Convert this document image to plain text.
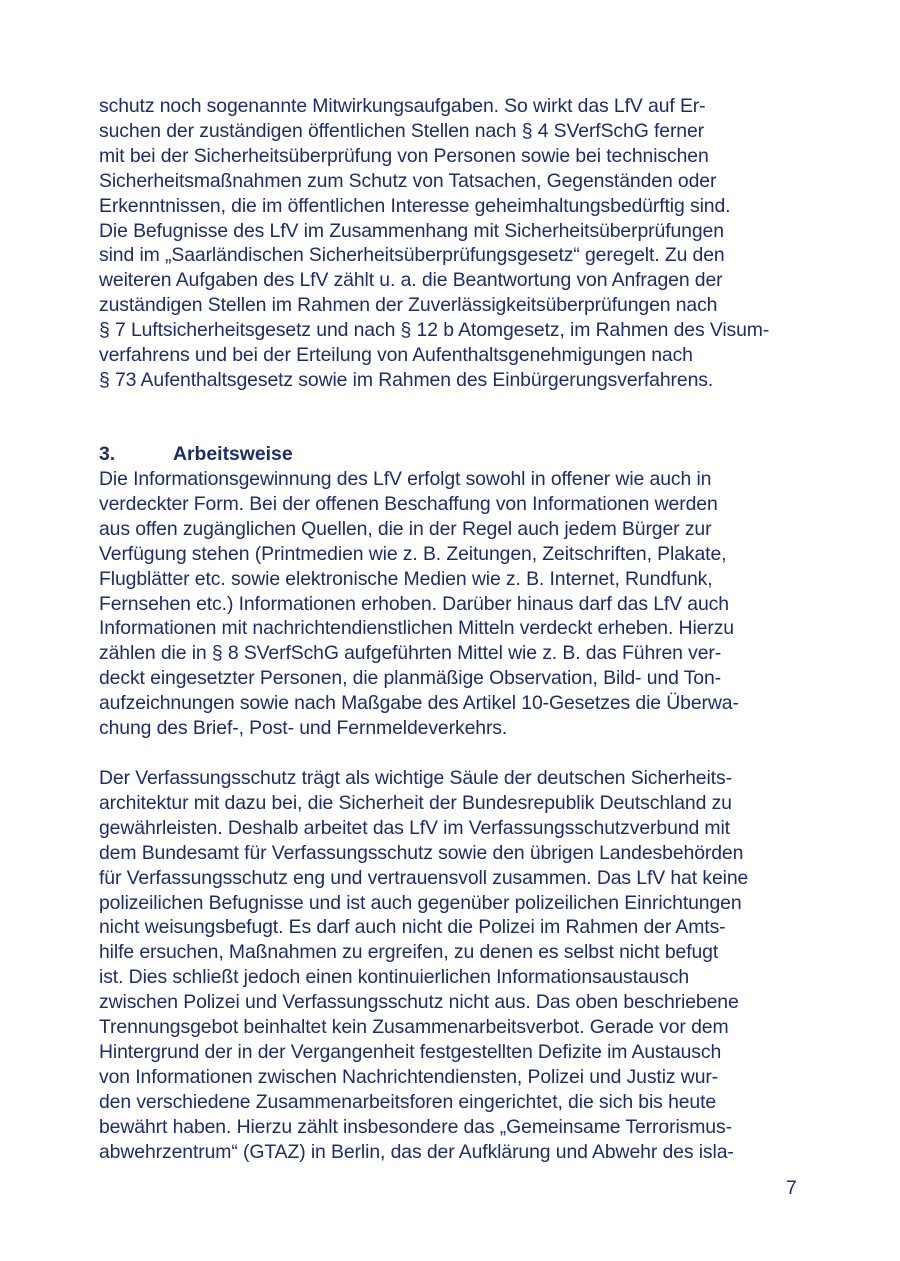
schutz noch sogenannte Mitwirkungsaufgaben. So wirkt das LfV auf Er-
suchen der zuständigen öffentlichen Stellen nach § 4 SVerfSchG ferner
mit bei der Sicherheitsüberprüfung von Personen sowie bei technischen
Sicherheitsmaßnahmen zum Schutz von Tatsachen, Gegenständen oder
Erkenntnissen, die im öffentlichen Interesse geheimhaltungsbedürftig sind.
Die Befugnisse des LfV im Zusammenhang mit Sicherheitsüberprüfungen
sind im „Saarländischen Sicherheitsüberprüfungsgesetz“ geregelt. Zu den
weiteren Aufgaben des LfV zählt u. a. die Beantwortung von Anfragen der
zuständigen Stellen im Rahmen der Zuverlässigkeitsüberprüfungen nach
§ 7 Luftsicherheitsgesetz und nach § 12 b Atomgesetz, im Rahmen des Visum-
verfahrens und bei der Erteilung von Aufenthaltsgenehmigungen nach
§ 73 Aufenthaltsgesetz sowie im Rahmen des Einbürgerungsverfahrens.
3.	Arbeitsweise
Die Informationsgewinnung des LfV erfolgt sowohl in offener wie auch in
verdeckter Form. Bei der offenen Beschaffung von Informationen werden
aus offen zugänglichen Quellen, die in der Regel auch jedem Bürger zur
Verfügung stehen (Printmedien wie z. B. Zeitungen, Zeitschriften, Plakate,
Flugblätter etc. sowie elektronische Medien wie z. B. Internet, Rundfunk,
Fernsehen etc.) Informationen erhoben. Darüber hinaus darf das LfV auch
Informationen mit nachrichtendienstlichen Mitteln verdeckt erheben. Hierzu
zählen die in § 8 SVerfSchG aufgeführten Mittel wie z. B. das Führen ver-
deckt eingesetzter Personen, die planmäßige Observation, Bild- und Ton-
aufzeichnungen sowie nach Maßgabe des Artikel 10-Gesetzes die Überwa-
chung des Brief-, Post- und Fernmeldeverkehrs.
Der Verfassungsschutz trägt als wichtige Säule der deutschen Sicherheits-
architektur mit dazu bei, die Sicherheit der Bundesrepublik Deutschland zu
gewährleisten. Deshalb arbeitet das LfV im Verfassungsschutzverbund mit
dem Bundesamt für Verfassungsschutz sowie den übrigen Landesbehörden
für Verfassungsschutz eng und vertrauensvoll zusammen. Das LfV hat keine
polizeilichen Befugnisse und ist auch gegenüber polizeilichen Einrichtungen
nicht weisungsbefugt. Es darf auch nicht die Polizei im Rahmen der Amts-
hilfe ersuchen, Maßnahmen zu ergreifen, zu denen es selbst nicht befugt
ist. Dies schließt jedoch einen kontinuierlichen Informationsaustausch
zwischen Polizei und Verfassungsschutz nicht aus. Das oben beschriebene
Trennungsgebot beinhaltet kein Zusammenarbeitsverbot. Gerade vor dem
Hintergrund der in der Vergangenheit festgestellten Defizite im Austausch
von Informationen zwischen Nachrichtendiensten, Polizei und Justiz wur-
den verschiedene Zusammenarbeitsforen eingerichtet, die sich bis heute
bewährt haben. Hierzu zählt insbesondere das „Gemeinsame Terrorismus-
abwehrzentrum“ (GTAZ) in Berlin, das der Aufklärung und Abwehr des isla-
7
